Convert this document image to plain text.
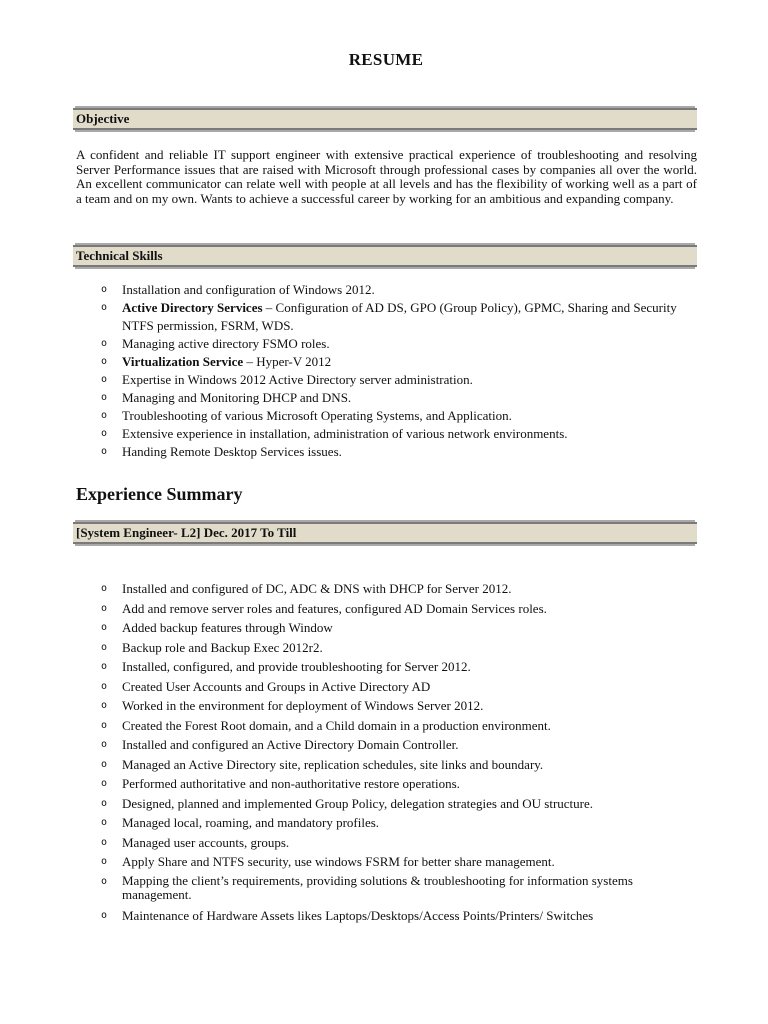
RESUME
Objective
A confident and reliable IT support engineer with extensive practical experience of troubleshooting and resolving Server Performance issues that are raised with Microsoft through professional cases by companies all over the world. An excellent communicator can relate well with people at all levels and has the flexibility of working well as a part of a team and on my own. Wants to achieve a successful career by working for an ambitious and expanding company.
Technical Skills
o Installation and configuration of Windows 2012.
o Active Directory Services – Configuration of AD DS, GPO (Group Policy), GPMC, Sharing and Security NTFS permission, FSRM, WDS.
o Managing active directory FSMO roles.
o Virtualization Service – Hyper-V 2012
o Expertise in Windows 2012 Active Directory server administration.
o Managing and Monitoring DHCP and DNS.
o Troubleshooting of various Microsoft Operating Systems, and Application.
o Extensive experience in installation, administration of various network environments.
o Handing Remote Desktop Services issues.
Experience Summary
[System Engineer- L2] Dec. 2017 To Till
o Installed and configured of DC, ADC & DNS with DHCP for Server 2012.
o Add and remove server roles and features, configured AD Domain Services roles.
o Added backup features through Window
o Backup role and Backup Exec 2012r2.
o Installed, configured, and provide troubleshooting for Server 2012.
o Created User Accounts and Groups in Active Directory AD
o Worked in the environment for deployment of Windows Server 2012.
o Created the Forest Root domain, and a Child domain in a production environment.
o Installed and configured an Active Directory Domain Controller.
o Managed an Active Directory site, replication schedules, site links and boundary.
o Performed authoritative and non-authoritative restore operations.
o Designed, planned and implemented Group Policy, delegation strategies and OU structure.
o Managed local, roaming, and mandatory profiles.
o Managed user accounts, groups.
o Apply Share and NTFS security, use windows FSRM for better share management.
o Mapping the client’s requirements, providing solutions & troubleshooting for information systems management.
o Maintenance of Hardware Assets likes Laptops/Desktops/Access Points/Printers/ Switches
